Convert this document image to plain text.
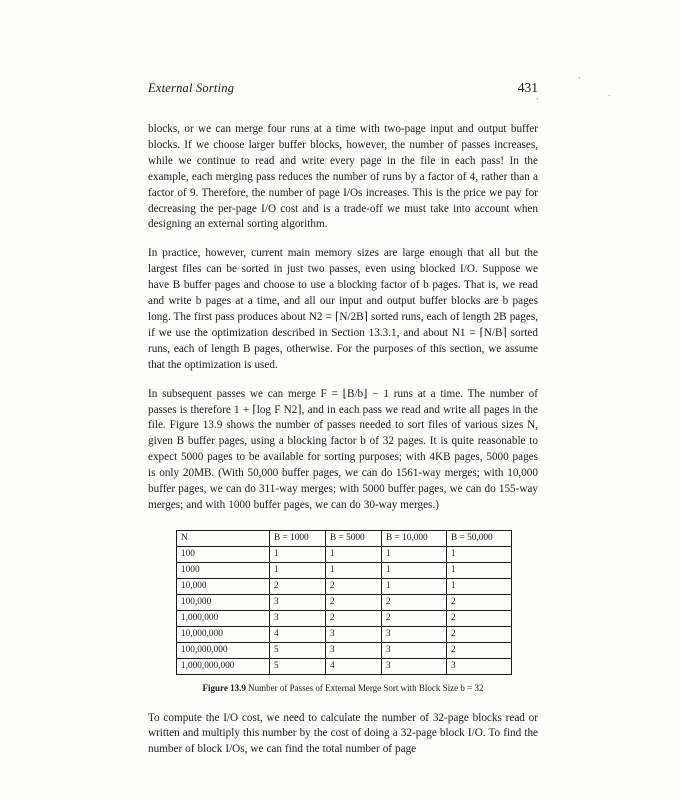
’
·
’
External Sorting	431

blocks, or we can merge four runs at a time with two-page input and output buffer blocks. If we choose larger buffer blocks, however, the number of passes increases, while we continue to read and write every page in the file in each pass! In the example, each merging pass reduces the number of runs by a factor of 4, rather than a factor of 9. Therefore, the number of page I/Os increases. This is the price we pay for decreasing the per-page I/O cost and is a trade-off we must take into account when designing an external sorting algorithm.

In practice, however, current main memory sizes are large enough that all but the largest files can be sorted in just two passes, even using blocked I/O. Suppose we have B buffer pages and choose to use a blocking factor of b pages. That is, we read and write b pages at a time, and all our input and output buffer blocks are b pages long. The first pass produces about N2 = ⌈N/2B⌉ sorted runs, each of length 2B pages, if we use the optimization described in Section 13.3.1, and about N1 = ⌈N/B⌉ sorted runs, each of length B pages, otherwise. For the purposes of this section, we assume that the optimization is used.

In subsequent passes we can merge F = ⌊B/b⌋ − 1 runs at a time. The number of passes is therefore 1 + ⌈log F N2⌉, and in each pass we read and write all pages in the file. Figure 13.9 shows the number of passes needed to sort files of various sizes N, given B buffer pages, using a blocking factor b of 32 pages. It is quite reasonable to expect 5000 pages to be available for sorting purposes; with 4KB pages, 5000 pages is only 20MB. (With 50,000 buffer pages, we can do 1561-way merges; with 10,000 buffer pages, we can do 311-way merges; with 5000 buffer pages, we can do 155-way merges; and with 1000 buffer pages, we can do 30-way merges.)

N	B = 1000	B = 5000	B = 10,000	B = 50,000
100	1	1	1	1
1000	1	1	1	1
10,000	2	2	1	1
100,000	3	2	2	2
1,000,000	3	2	2	2
10,000,000	4	3	3	2
100,000,000	5	3	3	2
1,000,000,000	5	4	3	3
Figure 13.9 Number of Passes of External Merge Sort with Block Size b = 32

To compute the I/O cost, we need to calculate the number of 32-page blocks read or written and multiply this number by the cost of doing a 32-page block I/O. To find the number of block I/Os, we can find the total number of page
